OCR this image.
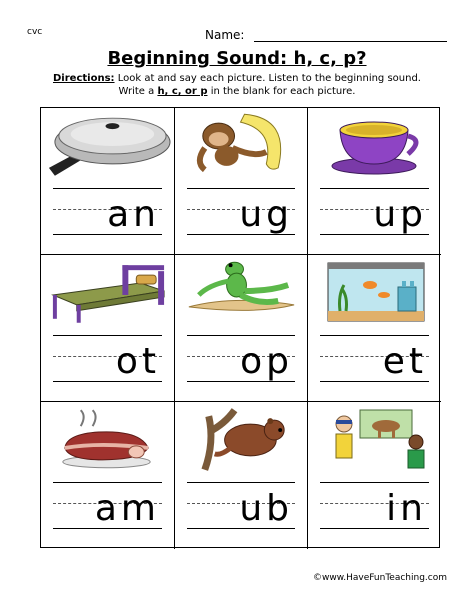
cvc	Name:
Beginning Sound: h, c, p?
Directions: Look at and say each picture. Listen to the beginning sound.
Write a h, c, or p in the blank for each picture.
an ug up
ot op et
am ub	in
©www.HaveFunTeaching.com
